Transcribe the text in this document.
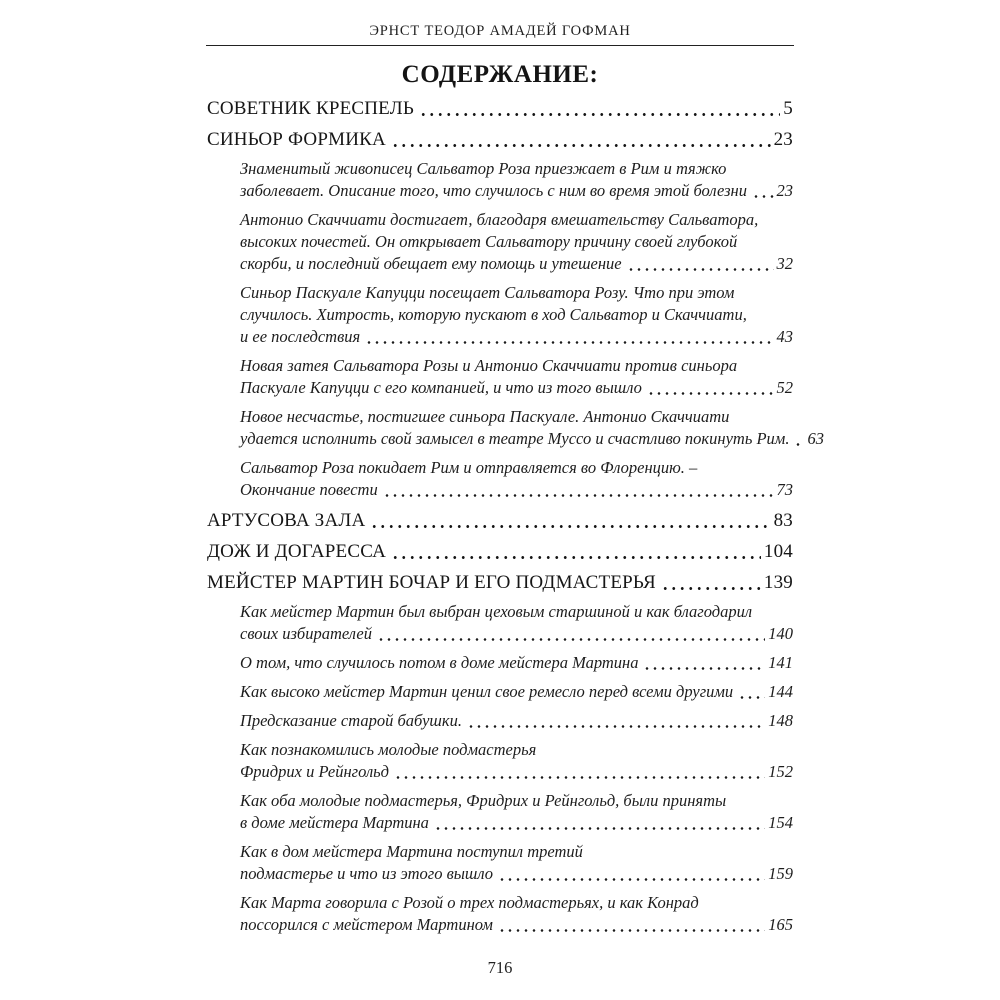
ЭРНСТ ТЕОДОР АМАДЕЙ ГОФМАН
СОДЕРЖАНИЕ:
СОВЕТНИК КРЕСПЕЛЬ	5
СИНЬОР ФОРМИКА	23
Знаменитый живописец Сальватор Роза приезжает в Рим и тяжко
заболевает. Описание того, что случилось с ним во время этой болезни 23
Антонио Скаччиати достигает, благодаря вмешательству Сальватора,
высоких почестей. Он открывает Сальватору причину своей глубокой
скорби, и последний обещает ему помощь и утешение	32
Синьор Паскуале Капуцци посещает Сальватора Розу. Что при этом
случилось. Хитрость, которую пускают в ход Сальватор и Скаччиати,
и ее последствия	43
Новая затея Сальватора Розы и Антонио Скаччиати против синьора
Паскуале Капуцци с его компанией, и что из того вышло	52
Новое несчастье, постигшее синьора Паскуале. Антонио Скаччиати
удается исполнить свой замысел в театре Муссо и счастливо покинуть Рим. 63
Сальватор Роза покидает Рим и отправляется во Флоренцию. –
Окончание повести	73
АРТУСОВА ЗАЛА	83
ДОЖ И ДОГАРЕССА	104
МЕЙСТЕР МАРТИН БОЧАР И ЕГО ПОДМАСТЕРЬЯ	139
Как мейстер Мартин был выбран цеховым старшиной и как благодарил
своих избирателей	140
О том, что случилось потом в доме мейстера Мартина	141
Как высоко мейстер Мартин ценил свое ремесло перед всеми другими 144
Предсказание старой бабушки.	148
Как познакомились молодые подмастерья
Фридрих и Рейнгольд	152
Как оба молодые подмастерья, Фридрих и Рейнгольд, были приняты
в доме мейстера Мартина	154
Как в дом мейстера Мартина поступил третий
подмастерье и что из этого вышло	159
Как Марта говорила с Розой о трех подмастерьях, и как Конрад
поссорился с мейстером Мартином	165
716
